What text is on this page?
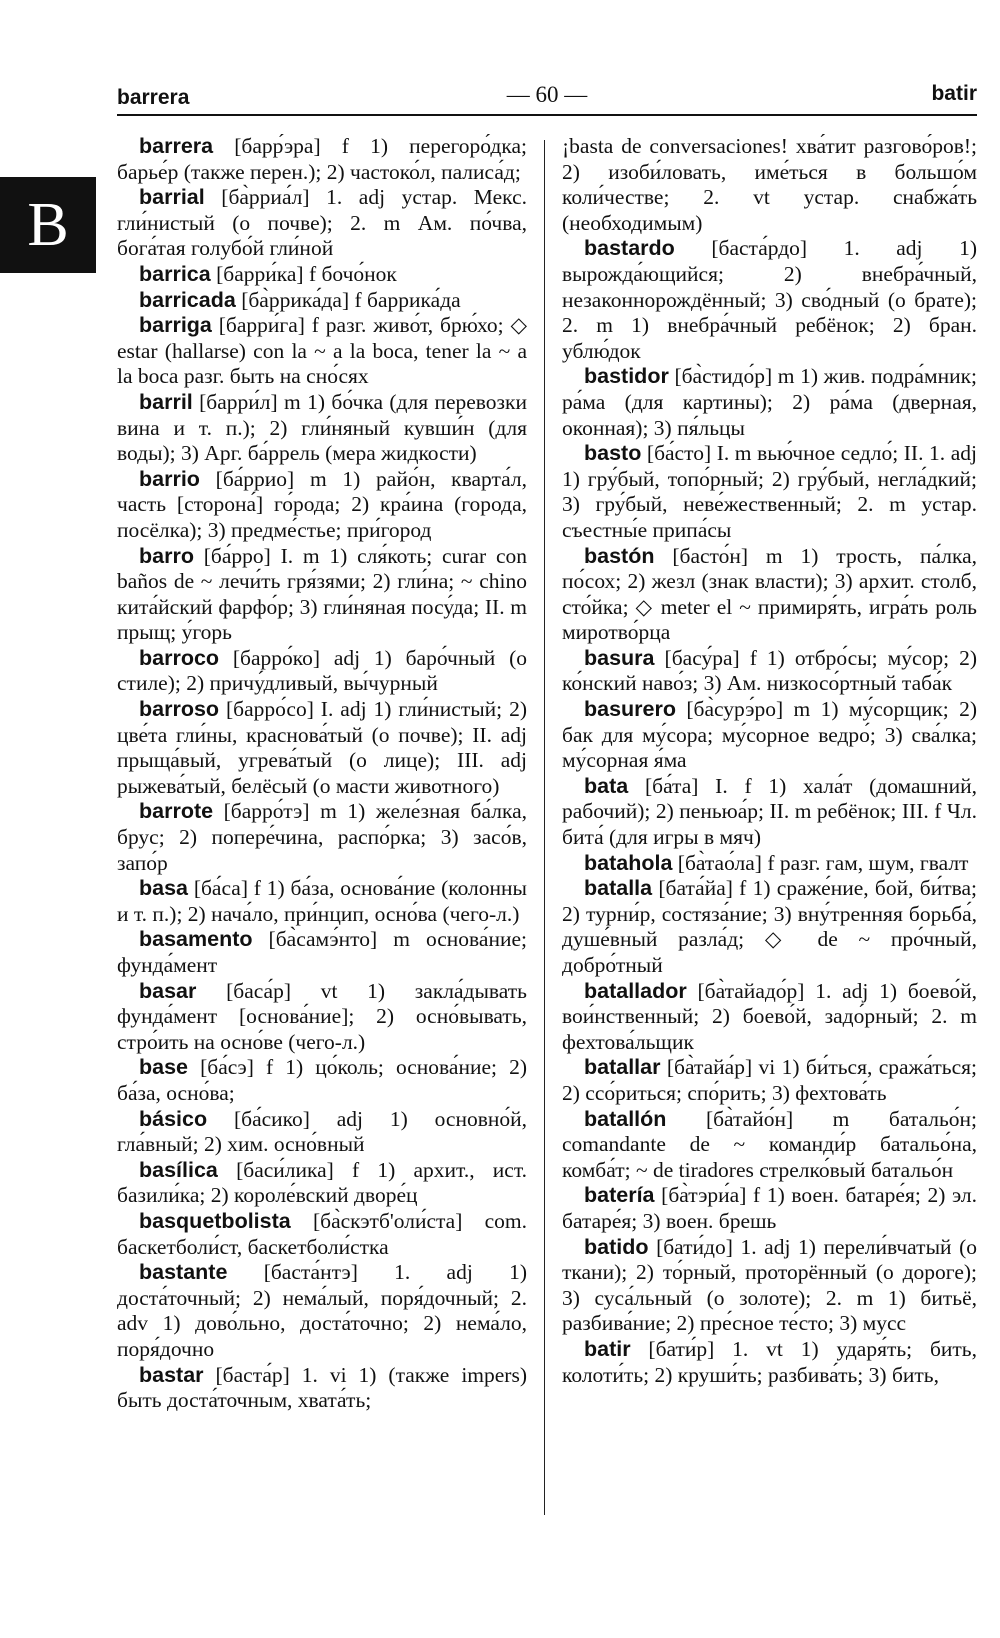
barrera	— 60 —	batir
B

barrera [барр́эра] f 1) перегоро́дка; барье́р (также перен.); 2) частоко́л, палиса́д;

barrial [ба̀рриа́л] 1. adj устар. Мекс. гли́нистый (о почве); 2. m Ам. по́чва, бога́тая голубо́й гли́ной

barrica [барри́ка] f бочо́нок

barricada [ба̀ррика́да] f баррика́да

barriga [барри́га] f разг. живо́т, брю́хо; ◇ estar (hallarse) con la ~ a la boca, tener la ~ a la boca разг. быть на сно́сях

barril [барри́л] m 1) бо́чка (для перевозки вина и т. п.); 2) гли́няный кувши́н (для воды); 3) Арг. ба́ррель (мера жидкости)

barrio [ба́ррио] m 1) райо́н, кварта́л, часть [сторона́] го́рода; 2) кра́ина (города, посёлка); 3) предме́стье; при́город

barro [ба́рро] I. m 1) сля́коть; curar con baños de ~ лечи́ть гря́зями; 2) гли́на; ~ chino кита́йский фарфо́р; 3) гли́няная посу́да; II. m прыщ; у́горь

barroco [барро́ко] adj 1) баро́чный (о стиле); 2) причу́дливый, вы́чурный

barroso [барро́со] I. adj 1) гли́нистый; 2) цве́та гли́ны, краснова́тый (о почве); II. adj прыща́вый, угрева́тый (о лице); III. adj рыжева́тый, белёсый (о масти животного)

barrote [барро́тэ] m 1) желе́зная ба́лка, брус; 2) попере́чина, распо́рка; 3) засо́в, запо́р

basa [ба́са] f 1) ба́за, основа́ние (колонны и т. п.); 2) нача́ло, при́нцип, осно́ва (чего-л.)

basamento [ба̀самэ́нто] m основа́ние; фунда́мент

basar [баса́р] vt 1) закла́дывать фунда́мент [основа́ние]; 2) осно́вывать, стро́ить на осно́ве (чего-л.)

base [ба́сэ] f 1) цо́коль; основа́ние; 2) ба́за, осно́ва;

básico [ба́сико] adj 1) основно́й, гла́вный; 2) хим. осно́вный

basílica [баси́лика] f 1) архит., ист. базили́ка; 2) короле́вский дворе́ц

basquetbolista [ба̀скэтб'оли́ста] com. баскетболи́ст, баскетболи́стка

bastante [баста́нтэ] 1. adj 1) доста́точный; 2) нема́лый, поря́дочный; 2. adv 1) дово́льно, доста́точно; 2) нема́ло, поря́дочно

bastar [баста́р] 1. vi 1) (также impers) быть доста́точным, хвата́ть;

¡basta de conversaciones! хва́тит разгово́ров!; 2) изоби́ловать, име́ться в большо́м коли́честве; 2. vt устар. снабжа́ть (необходимым)

bastardo [баста́рдо] 1. adj 1) вырожда́ющийся; 2) внебра́чный, незаконнорождённый; 3) сво́дный (о брате); 2. m 1) внебра́чный ребёнок; 2) бран. ублю́док

bastidor [ба̀стидо́р] m 1) жив. подра́мник; ра́ма (для картины); 2) ра́ма (дверная, оконная); 3) пя́льцы

basto [ба́сто] I. m вью́чное седло́; II. 1. adj 1) гру́бый, топо́рный; 2) гру́бый, негла́дкий; 3) гру́бый, неве́жественный; 2. m устар. съестны́е припа́сы

bastón [басто́н] m 1) трость, па́лка, по́сох; 2) жезл (знак власти); 3) архит. столб, сто́йка; ◇ meter el ~ примиря́ть, игра́ть роль миротво́рца

basura [басу́ра] f 1) отбро́сы; му́сор; 2) ко́нский наво́з; 3) Ам. низкосо́ртный таба́к

basurero [ба̀сурэ́ро] m 1) му́сорщик; 2) бак для му́сора; му́сорное ведро́; 3) сва́лка; му́сорная я́ма

bata [ба́та] I. f 1) хала́т (домашний, рабочий); 2) пеньюа́р; II. m ребёнок; III. f Чл. бита́ (для игры в мяч)

batahola [ба̀тао́ла] f разг. гам, шум, гвалт

batalla [бата́йа] f 1) сраже́ние, бой, би́тва; 2) турни́р, состяза́ние; 3) вну́тренняя борьба́, душе́вный разла́д; ◇ de ~ про́чный, добро́тный

batallador [ба̀тайадо́р] 1. adj 1) боево́й, вои́нственный; 2) боево́й, задо́рный; 2. m фехтова́льщик

batallar [ба̀тайа́р] vi 1) би́ться, сража́ться; 2) ссо́риться; спо́рить; 3) фехтова́ть

batallón [ба̀тайо́н] m батальо́н; comandante de ~ команди́р батальо́на, комба́т; ~ de tiradores стрелко́вый батальо́н

batería [ба̀тэри́а] f 1) воен. батаре́я; 2) эл. батаре́я; 3) воен. брешь

batido [бати́до] 1. adj 1) перели́вчатый (о ткани); 2) то́рный, проторённый (о дороге); 3) суса́льный (о золоте); 2. m 1) битьё, разбива́ние; 2) пре́сное те́сто; 3) мусс

batir [бати́р] 1. vt 1) ударя́ть; бить, колоти́ть; 2) круши́ть; разбива́ть; 3) бить,
